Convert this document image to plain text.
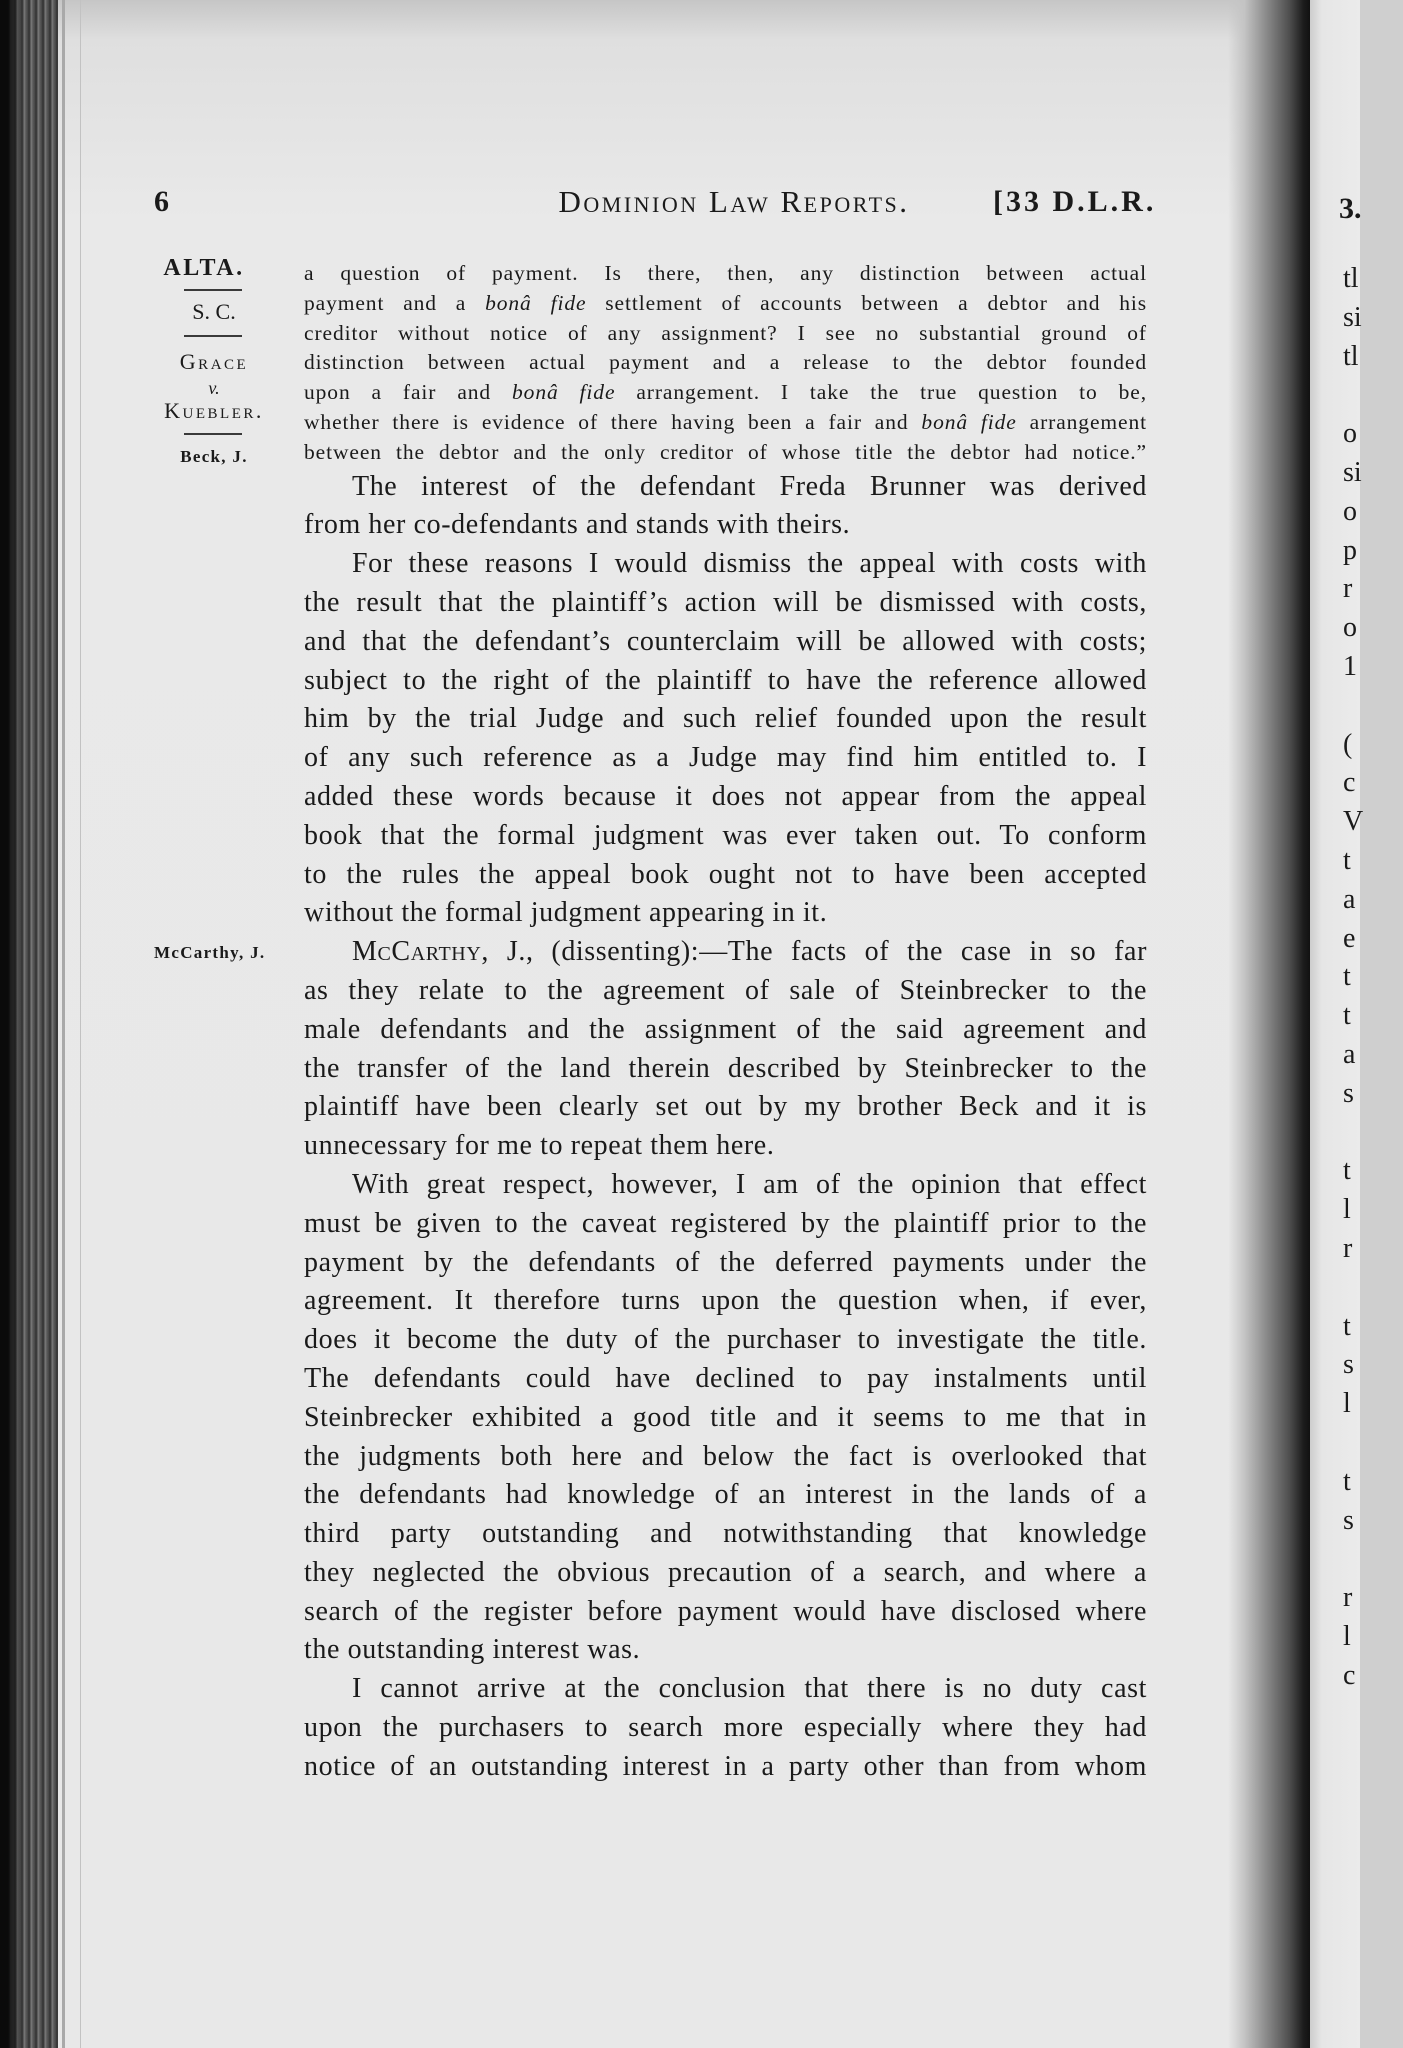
3.
tl
si
tl
o
si
o
p
r
o
1
(
c
V
t
a
e
t
t
a
s
t
l
r
t
s
l
t
s
r
l
c
6	Dominion Law Reports.	[33 D.L.R.
ALTA.
S. C.
Grace
v.
Kuebler.
Beck, J.
McCarthy, J.
a question of payment. Is there, then, any distinction between actual
payment and a bonâ fide settlement of accounts between a debtor and his
creditor without notice of any assignment? I see no substantial ground of
distinction between actual payment and a release to the debtor founded
upon a fair and bonâ fide arrangement. I take the true question to be,
whether there is evidence of there having been a fair and bonâ fide arrangement
between the debtor and the only creditor of whose title the debtor had notice.”
The interest of the defendant Freda Brunner was derived
from her co-defendants and stands with theirs.
For these reasons I would dismiss the appeal with costs with
the result that the plaintiff’s action will be dismissed with costs,
and that the defendant’s counterclaim will be allowed with costs;
subject to the right of the plaintiff to have the reference allowed
him by the trial Judge and such relief founded upon the result
of any such reference as a Judge may find him entitled to. I
added these words because it does not appear from the appeal
book that the formal judgment was ever taken out. To conform
to the rules the appeal book ought not to have been accepted
without the formal judgment appearing in it.
McCarthy, J., (dissenting):—The facts of the case in so far
as they relate to the agreement of sale of Steinbrecker to the
male defendants and the assignment of the said agreement and
the transfer of the land therein described by Steinbrecker to the
plaintiff have been clearly set out by my brother Beck and it is
unnecessary for me to repeat them here.
With great respect, however, I am of the opinion that effect
must be given to the caveat registered by the plaintiff prior to the
payment by the defendants of the deferred payments under the
agreement. It therefore turns upon the question when, if ever,
does it become the duty of the purchaser to investigate the title.
The defendants could have declined to pay instalments until
Steinbrecker exhibited a good title and it seems to me that in
the judgments both here and below the fact is overlooked that
the defendants had knowledge of an interest in the lands of a
third party outstanding and notwithstanding that knowledge
they neglected the obvious precaution of a search, and where a
search of the register before payment would have disclosed where
the outstanding interest was.
I cannot arrive at the conclusion that there is no duty cast
upon the purchasers to search more especially where they had
notice of an outstanding interest in a party other than from whom
